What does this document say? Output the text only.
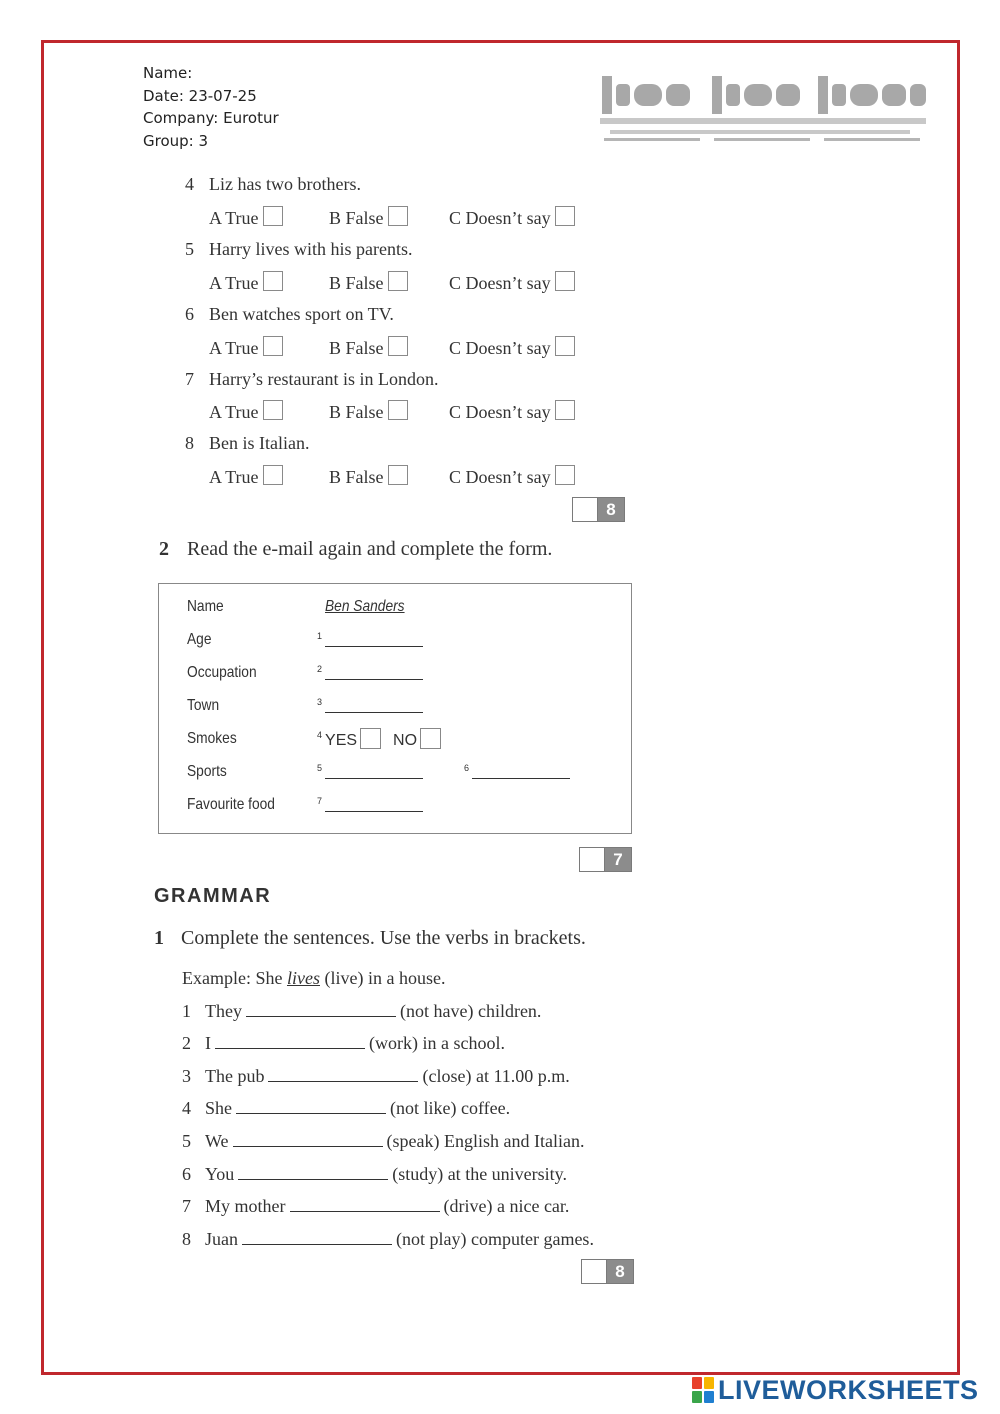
Name:
Date: 23-07-25
Company: Eurotur
Group: 3
4 Liz has two brothers.
A True	B False	C Doesn’t say
5 Harry lives with his parents.
A True	B False	C Doesn’t say
6 Ben watches sport on TV.
A True	B False	C Doesn’t say
7 Harry’s restaurant is in London.
A True	B False	C Doesn’t say
8 Ben is Italian.
A True	B False	C Doesn’t say
8
2 Read the e-mail again and complete the form.
Name	Ben Sanders
Age	$^1$
Occupation	$^2$
Town	$^3$
Smokes	$^4$ YES NO
Sports	$^5$	$^6$
Favourite food	$^7$
7
GRAMMAR
1 Complete the sentences. Use the verbs in brackets.
Example: She lives (live) in a house.
1 They	(not have) children.
2 I	(work) in a school.
3 The pub	(close) at 11.00 p.m.
4 She	(not like) coffee.
5 We	(speak) English and Italian.
6 You	(study) at the university.
7 My mother	(drive) a nice car.
8 Juan	(not play) computer games.
8
LIVEWORKSHEETS
